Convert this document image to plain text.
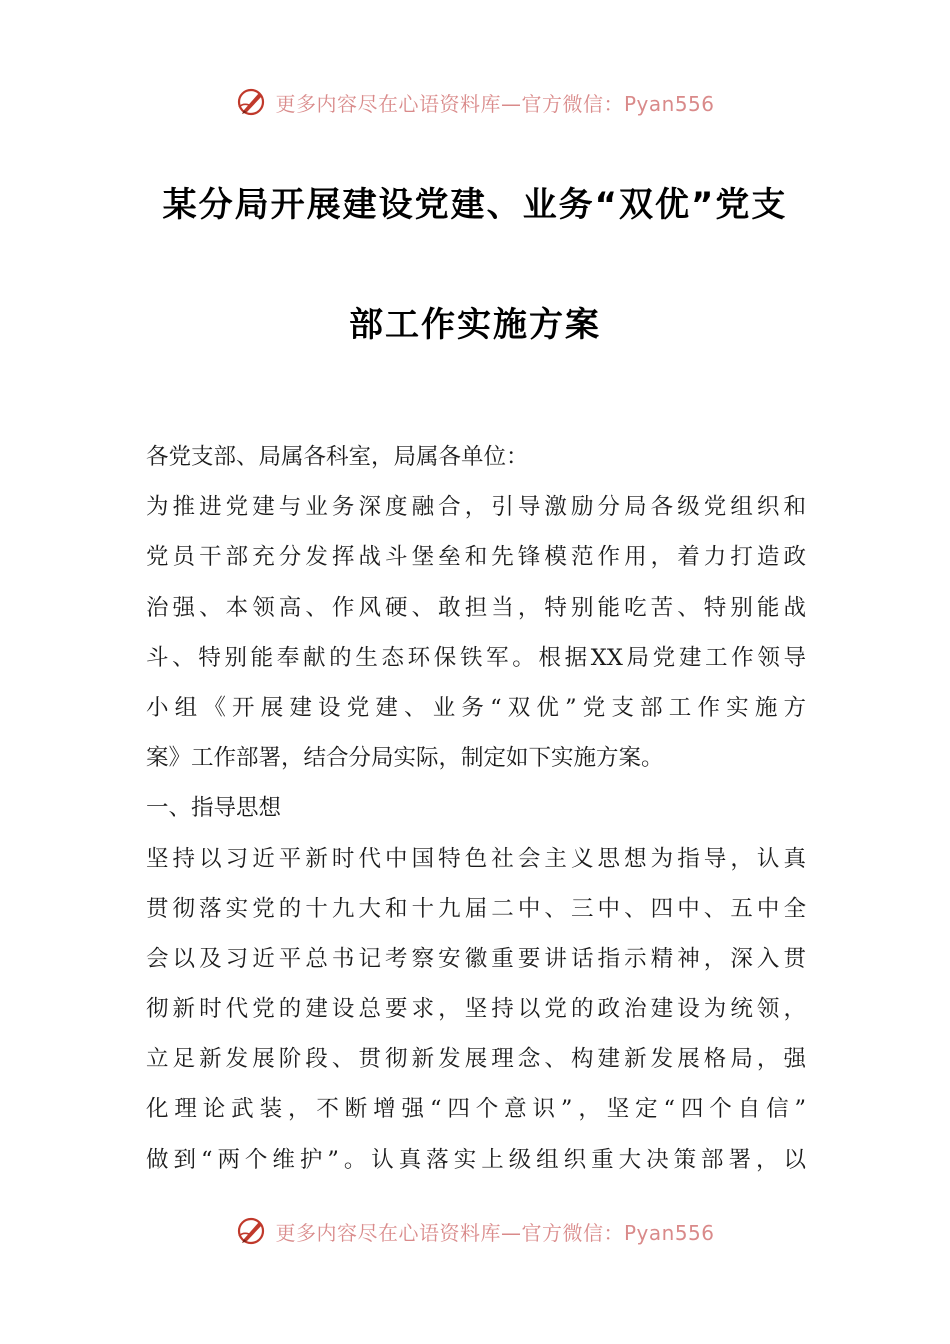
更多内容尽在心语资料库—官方微信：Pyan556
某分局开展建设党建、业务“双优”党支
部工作实施方案
各党支部、局属各科室，局属各单位：
为推进党建与业务深度融合，引导激励分局各级党组织和
党员干部充分发挥战斗堡垒和先锋模范作用，着力打造政
治强、本领高、作风硬、敢担当，特别能吃苦、特别能战
斗、特别能奉献的生态环保铁军。根据XX局党建工作领导
小组《开展建设党建、业务“双优”党支部工作实施方
案》工作部署，结合分局实际，制定如下实施方案。
一、指导思想
坚持以习近平新时代中国特色社会主义思想为指导，认真
贯彻落实党的十九大和十九届二中、三中、四中、五中全
会以及习近平总书记考察安徽重要讲话指示精神，深入贯
彻新时代党的建设总要求，坚持以党的政治建设为统领，
立足新发展阶段、贯彻新发展理念、构建新发展格局，强
化理论武装，不断增强“四个意识”，坚定“四个自信”
做到“两个维护”。认真落实上级组织重大决策部署，以
更多内容尽在心语资料库—官方微信：Pyan556
